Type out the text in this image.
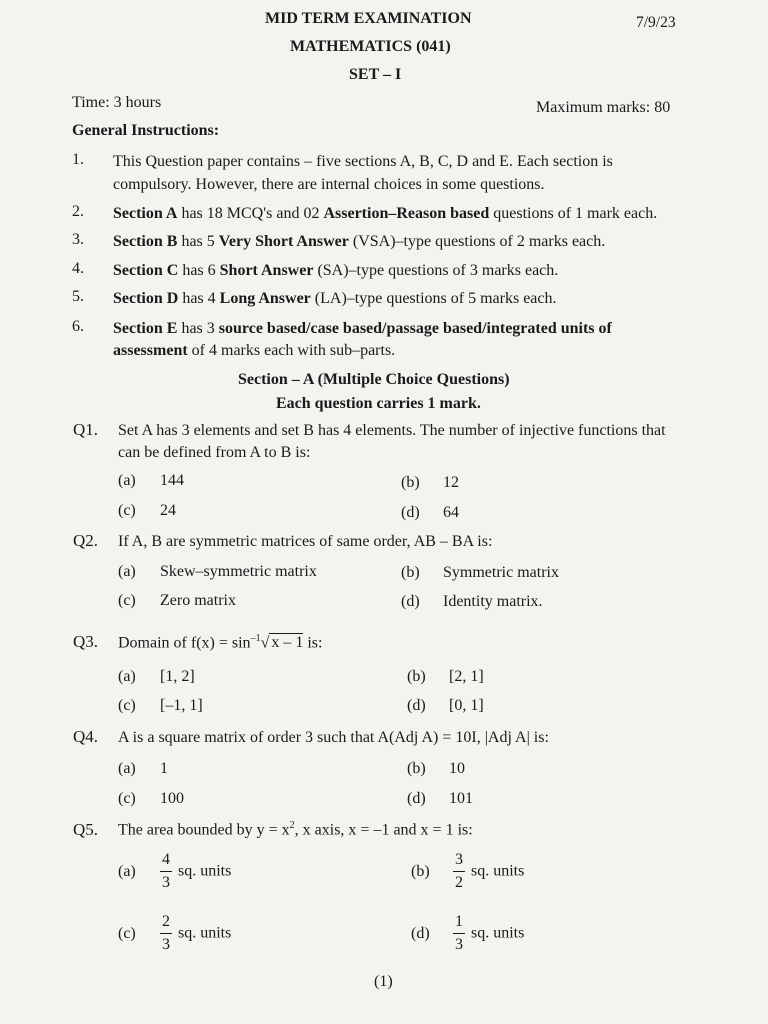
MID TERM EXAMINATION	7/9/23
MATHEMATICS (041)
SET – I
Time: 3 hours	Maximum marks: 80
General Instructions:
1. This Question paper contains – five sections A, B, C, D and E. Each section is
compulsory. However, there are internal choices in some questions.
2. Section A has 18 MCQ's and 02 Assertion–Reason based questions of 1 mark each.
3. Section B has 5 Very Short Answer (VSA)–type questions of 2 marks each.
4. Section C has 6 Short Answer (SA)–type questions of 3 marks each.
5. Section D has 4 Long Answer (LA)–type questions of 5 marks each.
6. Section E has 3 source based/case based/passage based/integrated units of
assessment of 4 marks each with sub–parts.
Section – A (Multiple Choice Questions)
Each question carries 1 mark.
Q1. Set A has 3 elements and set B has 4 elements. The number of injective functions that
can be defined from A to B is:
(a) 144	(b) 12
(c) 24	(d) 64
Q2. If A, B are symmetric matrices of same order, AB – BA is:
(a) Skew–symmetric matrix	(b) Symmetric matrix
(c) Zero matrix	(d) Identity matrix.
Q3. Domain of $f(x) = \sin^{-1}√$ x – 1 is:
(a) [1, 2]	(b) [2, 1]
(c) [–1, 1]	(d) [0, 1]
Q4. A is a square matrix of order 3 such that A(Adj A) = 10I, |Adj A| is:
(a) 1	(b) 10
(c) 100	(d) 101
Q5. The area bounded by $y = x^2$, x axis, x = –1 and x = 1 is:
$(a) \frac{4}{3}$ sq. units	$(b) \frac{3}{2}$ sq. units
$(c) \frac{2}{3}$ sq. units	$(d) \frac{1}{3}$ sq. units
(1)
